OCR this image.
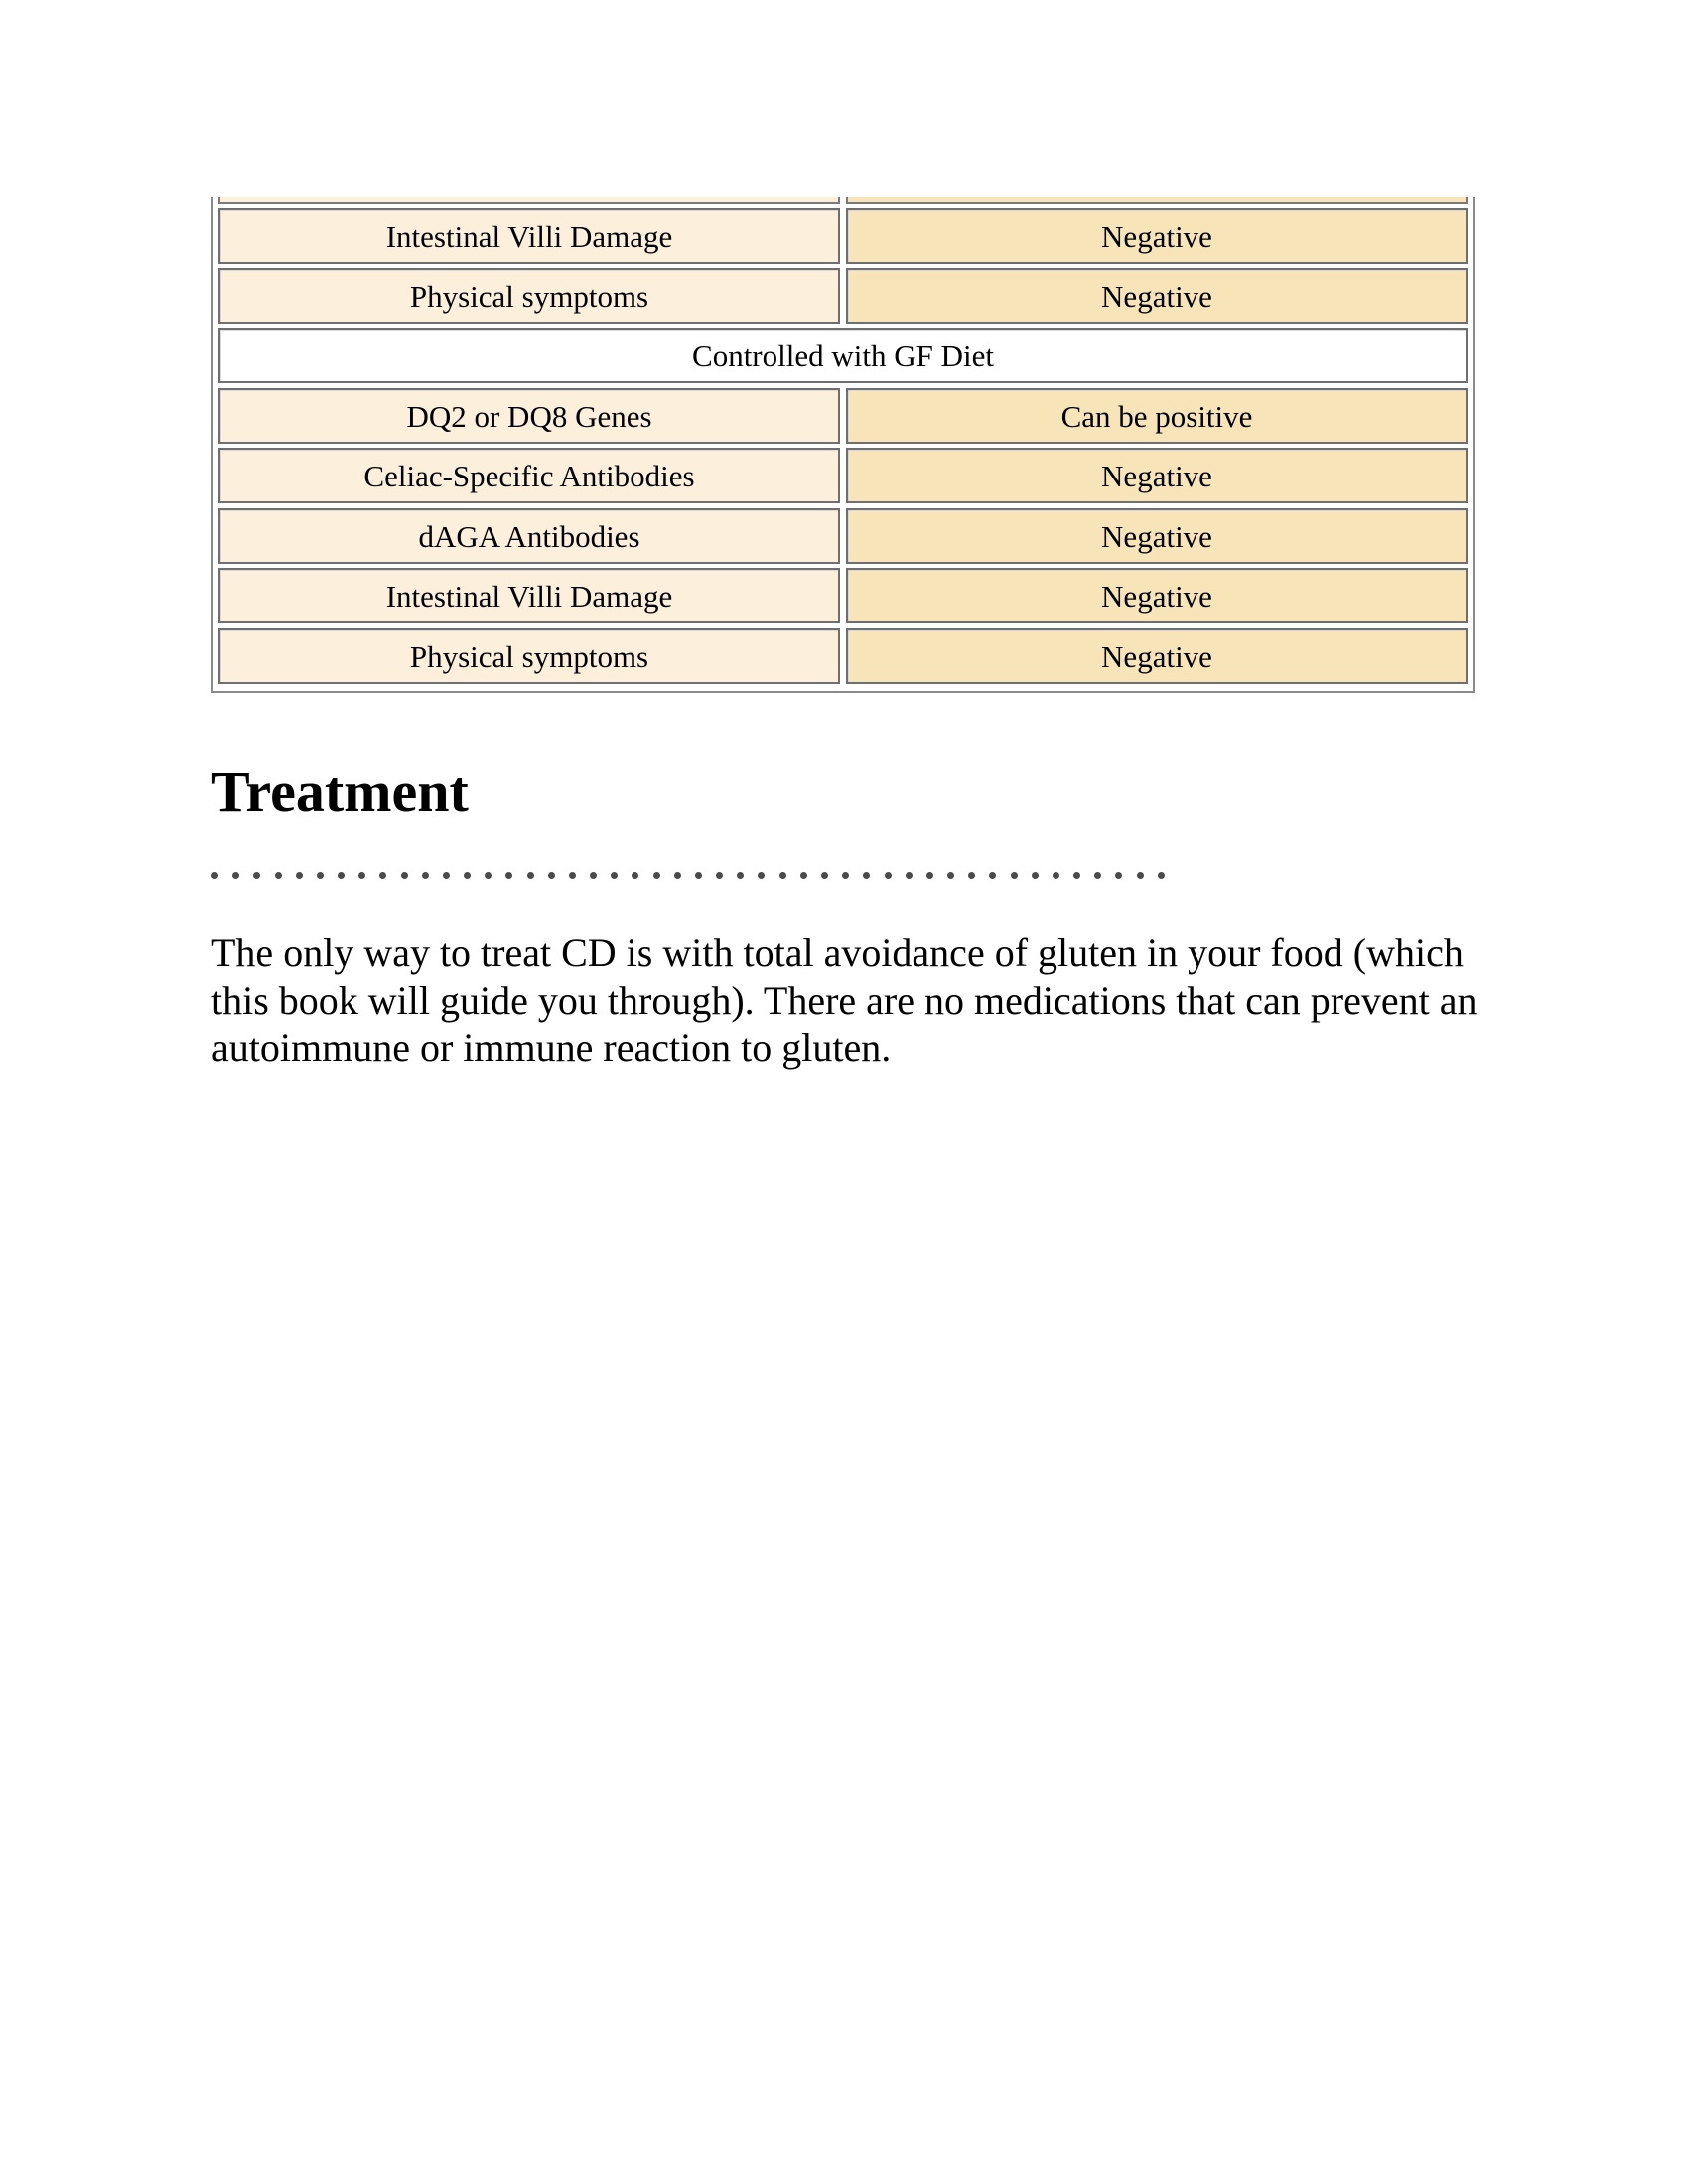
Intestinal Villi Damage	Negative
Physical symptoms	Negative
Controlled with GF Diet
DQ2 or DQ8 Genes	Can be positive
Celiac-Specific Antibodies	Negative
dAGA Antibodies	Negative
Intestinal Villi Damage	Negative
Physical symptoms	Negative
Treatment

The only way to treat CD is with total avoidance of gluten in your food (which this book will guide you through). There are no medications that can prevent an autoimmune or immune reaction to gluten.
